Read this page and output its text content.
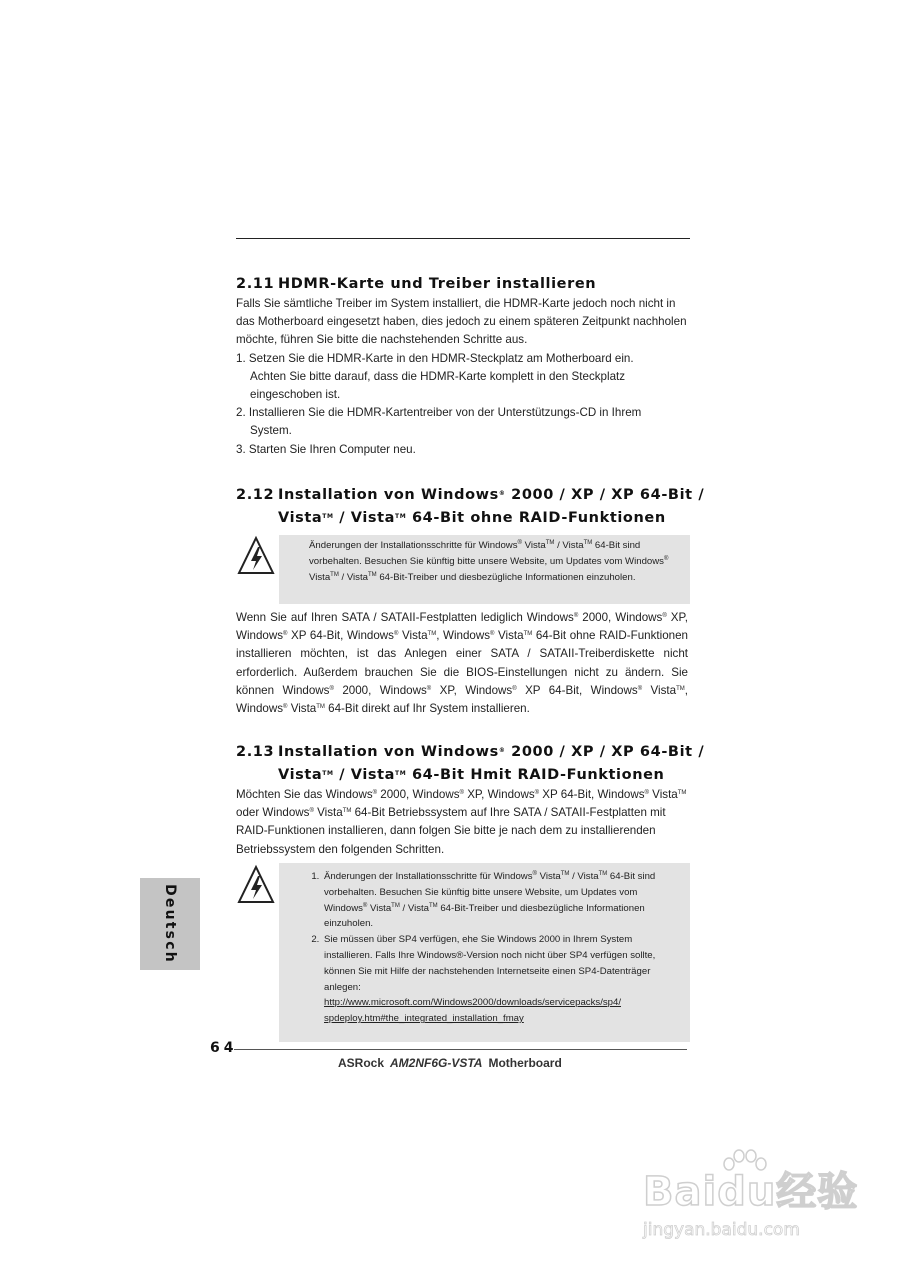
2.11 HDMR-Karte und Treiber installieren

Falls Sie sämtliche Treiber im System installiert, die HDMR-Karte jedoch noch nicht in das Motherboard eingesetzt haben, dies jedoch zu einem späteren Zeitpunkt nachholen möchte, führen Sie bitte die nachstehenden Schritte aus.

1. Setzen Sie die HDMR-Karte in den HDMR-Steckplatz am Motherboard ein.

Achten Sie bitte darauf, dass die HDMR-Karte komplett in den Steckplatz eingeschoben ist.

2. Installieren Sie die HDMR-Kartentreiber von der Unterstützungs-CD in Ihrem

System.

3. Starten Sie Ihren Computer neu.

2.12 Installation von Windows® 2000 / XP / XP 64-Bit /
Vista™ / Vista™ 64-Bit ohne RAID-Funktionen
Änderungen der Installationsschritte für Windows® Vista™ / Vista™ 64-Bit sind vorbehalten. Besuchen Sie künftig bitte unsere Website, um Updates vom Windows® Vista™ / Vista™ 64-Bit-Treiber und diesbezügliche Informationen einzuholen.
Wenn Sie auf Ihren SATA / SATAII-Festplatten lediglich Windows® 2000, Windows® XP, Windows® XP 64-Bit, Windows® Vista™, Windows® Vista™ 64-Bit ohne RAID-Funktionen installieren möchten, ist das Anlegen einer SATA / SATAII-Treiberdiskette nicht erforderlich. Außerdem brauchen Sie die BIOS-Einstellungen nicht zu ändern. Sie können Windows® 2000, Windows® XP, Windows® XP 64-Bit, Windows® Vista™, Windows® Vista™ 64-Bit direkt auf Ihr System installieren.
2.13 Installation von Windows® 2000 / XP / XP 64-Bit /
Vista™ / Vista™ 64-Bit Hmit RAID-Funktionen
Möchten Sie das Windows® 2000, Windows® XP, Windows® XP 64-Bit, Windows® Vista™ oder Windows® Vista™ 64-Bit Betriebssystem auf Ihre SATA / SATAII-Festplatten mit RAID-Funktionen installieren, dann folgen Sie bitte je nach dem zu installierenden Betriebssystem den folgenden Schritten.
1. Änderungen der Installationsschritte für Windows® Vista™ / Vista™ 64-Bit sind vorbehalten. Besuchen Sie künftig bitte unsere Website, um Updates vom Windows® Vista™ / Vista™ 64-Bit-Treiber und diesbezügliche Informationen einzuholen.
2. Sie müssen über SP4 verfügen, ehe Sie Windows 2000 in Ihrem System installieren. Falls Ihre Windows®-Version noch nicht über SP4 verfügen sollte, können Sie mit Hilfe der nachstehenden Internetseite einen SP4-Datenträger anlegen:
http://www.microsoft.com/Windows2000/downloads/servicepacks/sp4/
spdeploy.htm#the_integrated_installation_fmay
Deutsch
64
ASRock AM2NF6G-VSTA Motherboard
Baidu经验
jingyan.baidu.com
